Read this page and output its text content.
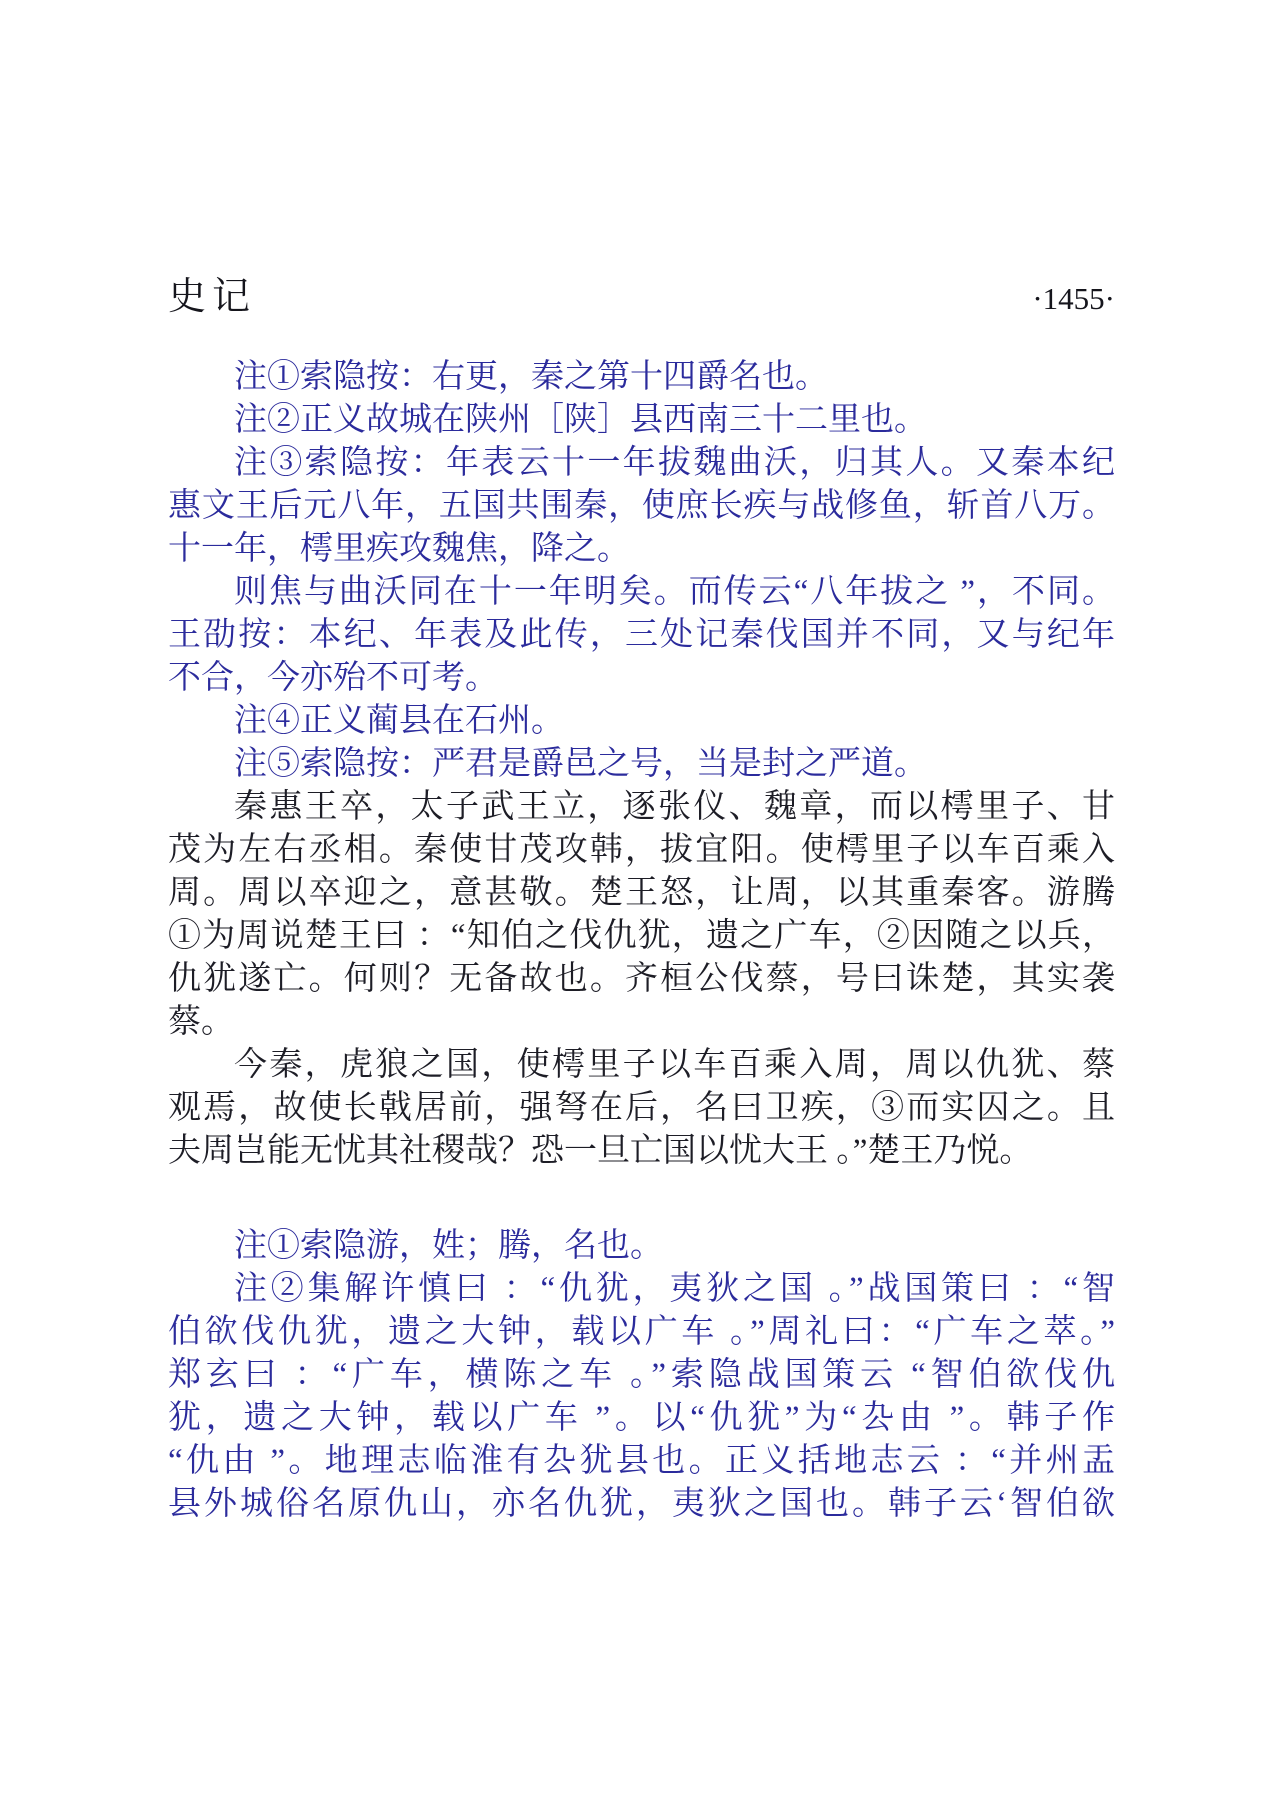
史记	·1455·
注①索隐按：右更，秦之第十四爵名也。
注②正义故城在陕州［陕］县西南三十二里也。
注③索隐按：年表云十一年拔魏曲沃，归其人。又秦本纪
惠文王后元八年，五国共围秦，使庶长疾与战修鱼，斩首八万。
十一年，樗里疾攻魏焦，降之。
则焦与曲沃同在十一年明矣。而传云“八年拔之 ”，不同。
王劭按：本纪、年表及此传，三处记秦伐国并不同，又与纪年
不合，今亦殆不可考。
注④正义蔺县在石州。
注⑤索隐按：严君是爵邑之号，当是封之严道。
秦惠王卒，太子武王立，逐张仪、魏章，而以樗里子、甘
茂为左右丞相。秦使甘茂攻韩，拔宜阳。使樗里子以车百乘入
周。周以卒迎之，意甚敬。楚王怒，让周，以其重秦客。游腾
①为周说楚王曰 ：“知伯之伐仇犹，遗之广车，②因随之以兵，
仇犹遂亡。何则？无备故也。齐桓公伐蔡，号曰诛楚，其实袭
蔡。
今秦，虎狼之国，使樗里子以车百乘入周，周以仇犹、蔡
观焉，故使长戟居前，强弩在后，名曰卫疾，③而实囚之。且
夫周岂能无忧其社稷哉？恐一旦亡国以忧大王 。”楚王乃悦。
注①索隐游，姓；腾，名也。
注②集解许慎曰 ：“仇犹，夷狄之国 。”战国策曰 ：“智
伯欲伐仇犹，遗之大钟，载以广车 。”周礼曰：“广车之萃。”
郑玄曰 ：“广车，横陈之车 。”索隐战国策云 “智伯欲伐仇
犹，遗之大钟，载以广车 ”。以“仇犹”为“厹由 ”。韩子作
“仇由 ”。地理志临淮有厹犹县也。正义括地志云 ：“并州盂
县外城俗名原仇山，亦名仇犹，夷狄之国也。韩子云‘智伯欲
